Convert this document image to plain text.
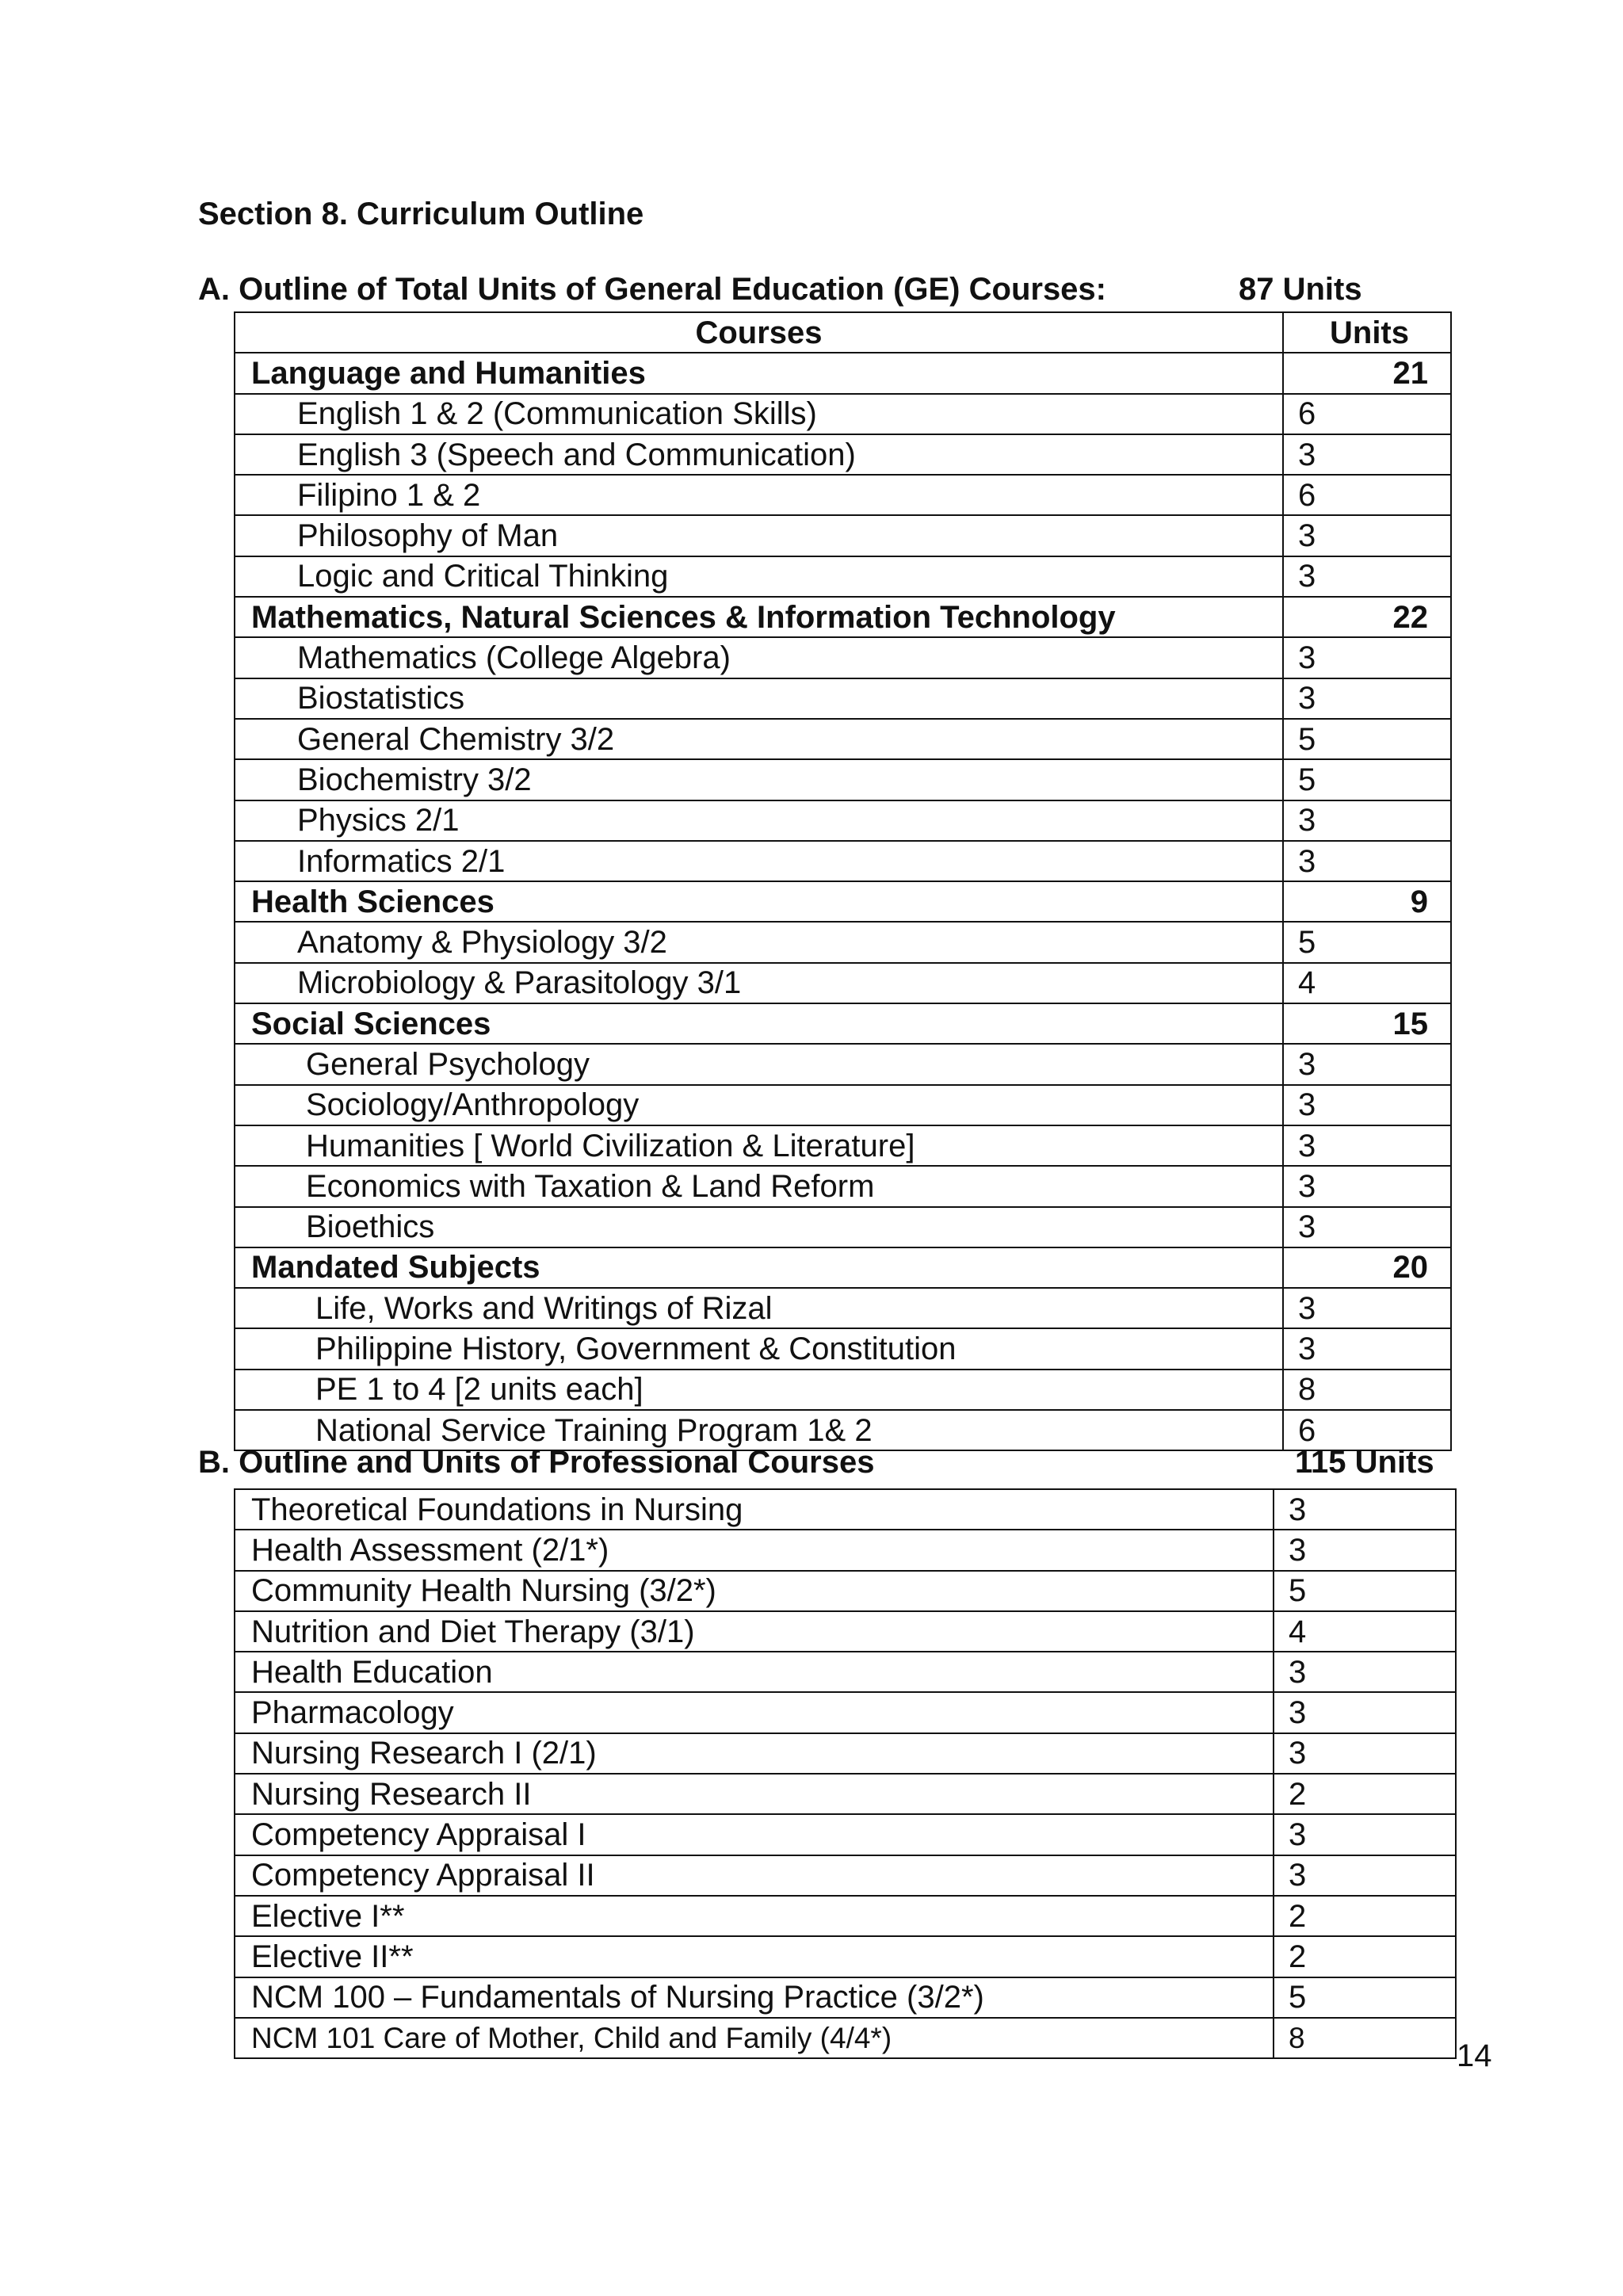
Section 8. Curriculum Outline
A. Outline of Total Units of General Education (GE) Courses:	87 Units
Courses	Units
Language and Humanities	21
English 1 & 2 (Communication Skills)	6
English 3 (Speech and Communication)	3
Filipino 1 & 2	6
Philosophy of Man	3
Logic and Critical Thinking	3
Mathematics, Natural Sciences & Information Technology	22
Mathematics (College Algebra)	3
Biostatistics	3
General Chemistry 3/2	5
Biochemistry 3/2	5
Physics 2/1	3
Informatics 2/1	3
Health Sciences	9
Anatomy & Physiology 3/2	5
Microbiology & Parasitology 3/1	4
Social Sciences	15
General Psychology	3
Sociology/Anthropology	3
Humanities [ World Civilization & Literature]	3
Economics with Taxation & Land Reform	3
Bioethics	3
Mandated Subjects	20
Life, Works and Writings of Rizal	3
Philippine History, Government & Constitution	3
PE 1 to 4 [2 units each]	8
National Service Training Program 1& 2	6
B. Outline and Units of Professional Courses	115 Units
Theoretical Foundations in Nursing	3
Health Assessment (2/1*)	3
Community Health Nursing (3/2*)	5
Nutrition and Diet Therapy (3/1)	4
Health Education	3
Pharmacology	3
Nursing Research I (2/1)	3
Nursing Research II	2
Competency Appraisal I	3
Competency Appraisal II	3
Elective I**	2
Elective II**	2
NCM 100 – Fundamentals of Nursing Practice (3/2*)	5
NCM 101 Care of Mother, Child and Family (4/4*)	8
14
